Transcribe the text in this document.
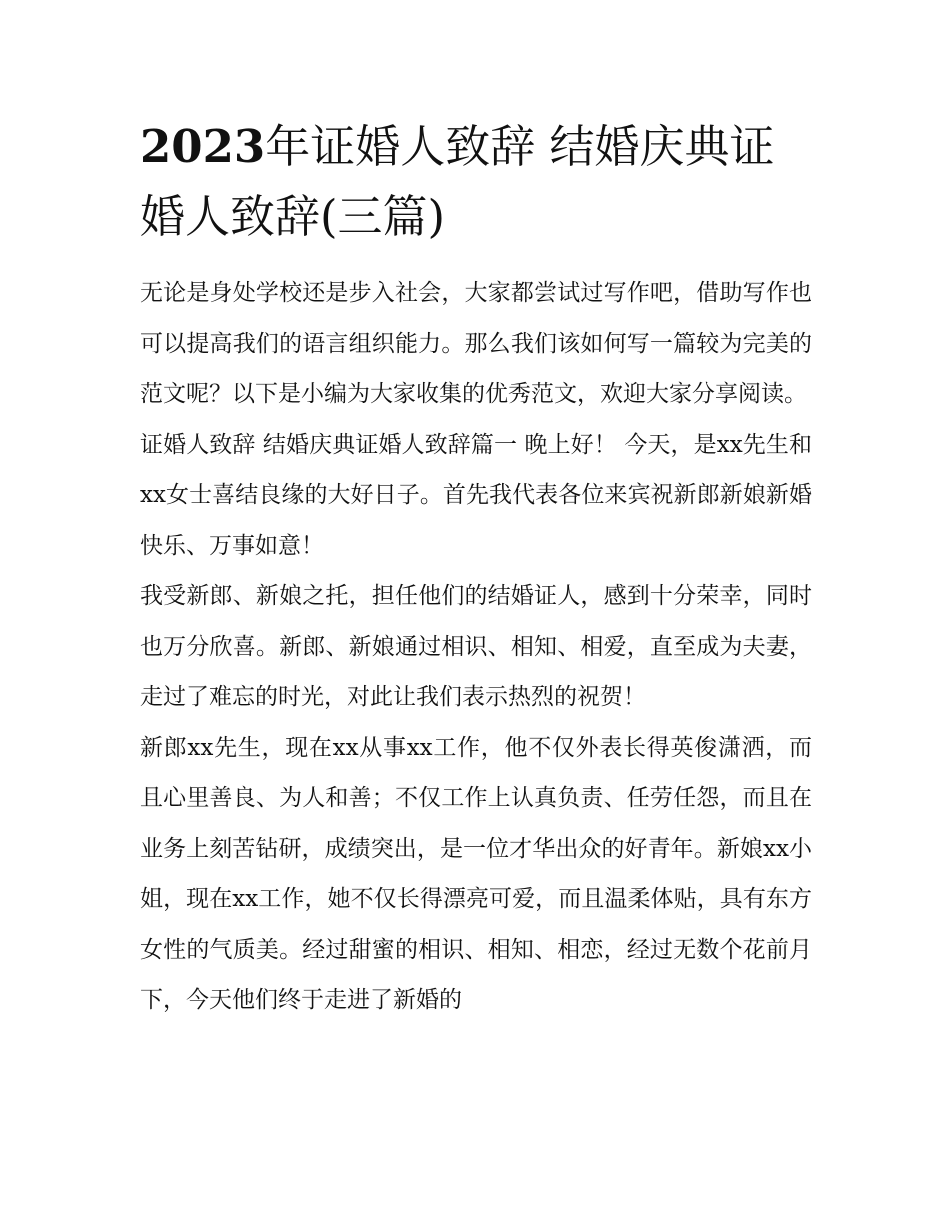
2023年证婚人致辞 结婚庆典证婚人致辞(三篇)

无论是身处学校还是步入社会，大家都尝试过写作吧，借助写作也可以提高我们的语言组织能力。那么我们该如何写一篇较为完美的范文呢？以下是小编为大家收集的优秀范文，欢迎大家分享阅读。

证婚人致辞 结婚庆典证婚人致辞篇一 晚上好！ 今天，是xx先生和xx女士喜结良缘的大好日子。首先我代表各位来宾祝新郎新娘新婚快乐、万事如意！

我受新郎、新娘之托，担任他们的结婚证人，感到十分荣幸，同时也万分欣喜。新郎、新娘通过相识、相知、相爱，直至成为夫妻，走过了难忘的时光，对此让我们表示热烈的祝贺！

新郎xx先生，现在xx从事xx工作，他不仅外表长得英俊潇洒，而且心里善良、为人和善；不仅工作上认真负责、任劳任怨，而且在业务上刻苦钻研，成绩突出，是一位才华出众的好青年。新娘xx小姐，现在xx工作，她不仅长得漂亮可爱，而且温柔体贴，具有东方女性的气质美。经过甜蜜的相识、相知、相恋，经过无数个花前月下，今天他们终于走进了新婚的
